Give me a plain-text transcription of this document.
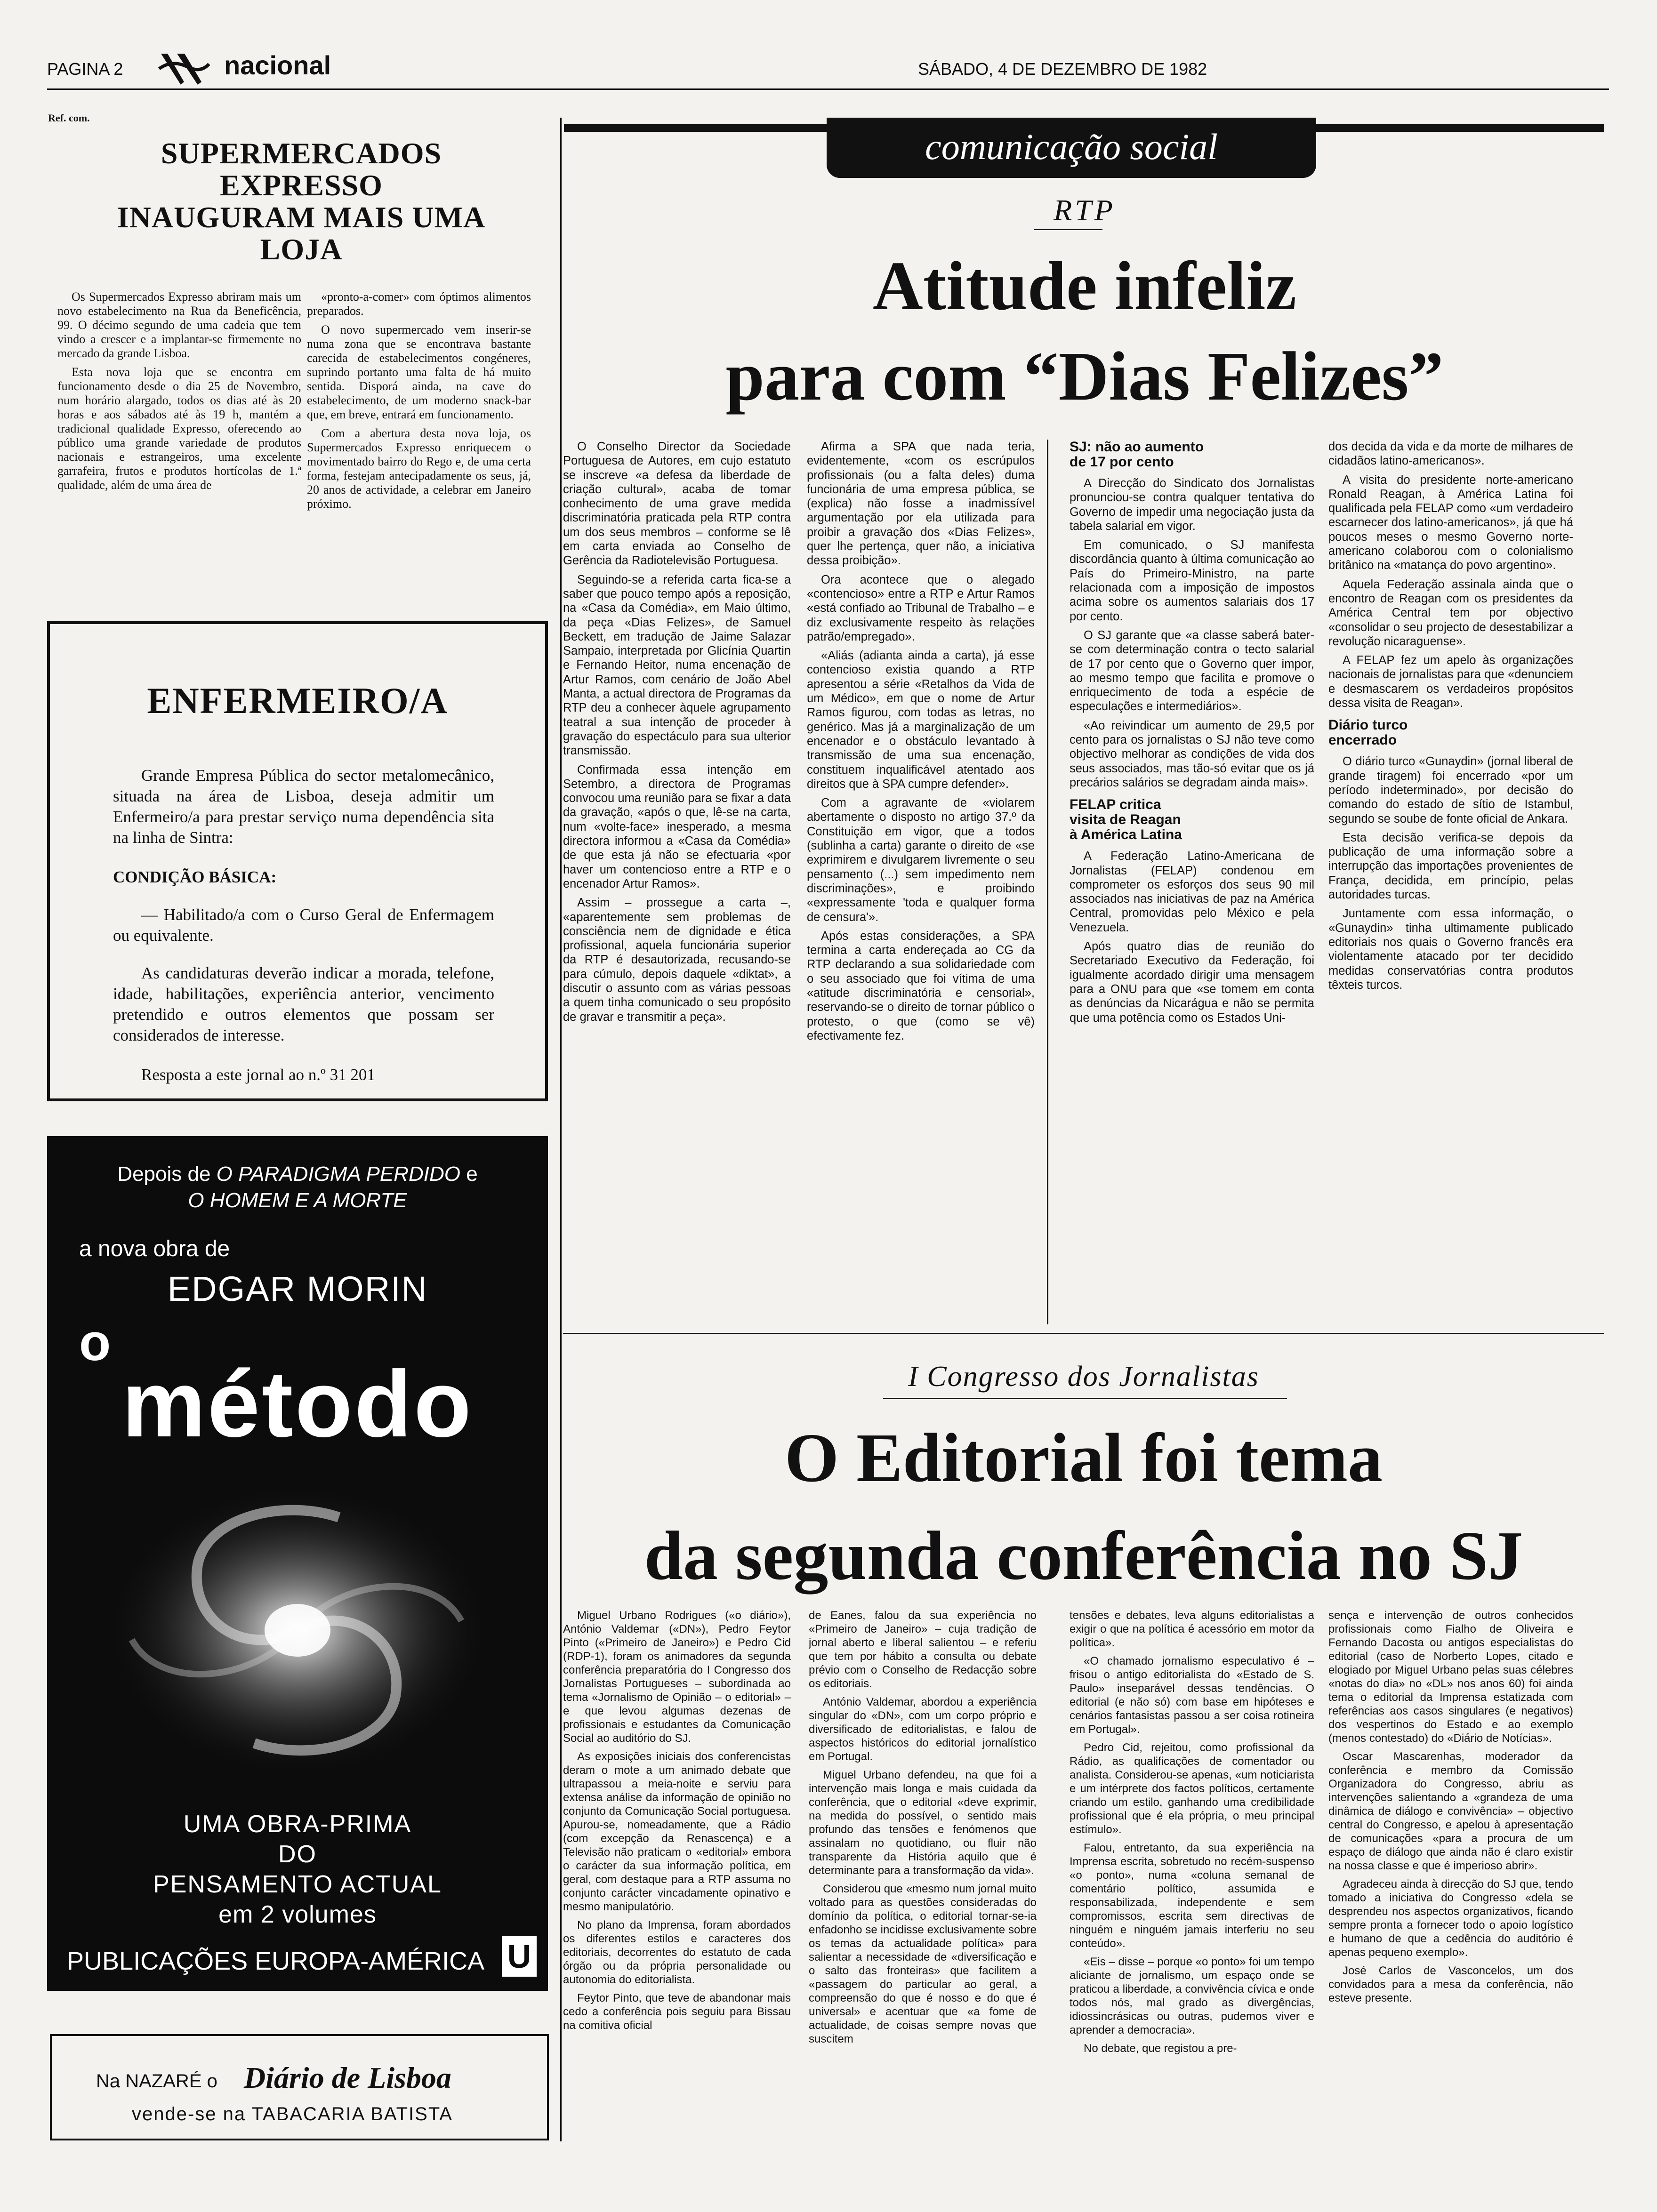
PAGINA 2	nacional	SÁBADO, 4 DE DEZEMBRO DE 1982
Ref. com.
SUPERMERCADOS
EXPRESSO
INAUGURAM MAIS UMA
LOJA

Os Supermercados Expresso abriram mais um novo estabelecimento na Rua da Beneficência, 99. O décimo segundo de uma cadeia que tem vindo a crescer e a implantar-se firmemente no mercado da grande Lisboa.

Esta nova loja que se encontra em funcionamento desde o dia 25 de Novembro, num horário alargado, todos os dias até às 20 horas e aos sábados até às 19 h, mantém a tradicional qualidade Expresso, oferecendo ao público uma grande variedade de produtos nacionais e estrangeiros, uma excelente garrafeira, frutos e produtos hortícolas de 1.ª qualidade, além de uma área de

«pronto-a-comer» com óptimos alimentos preparados.

O novo supermercado vem inserir-se numa zona que se encontrava bastante carecida de estabelecimentos congéneres, suprindo portanto uma falta de há muito sentida. Disporá ainda, na cave do estabelecimento, de um moderno snack-bar que, em breve, entrará em funcionamento.

Com a abertura desta nova loja, os Supermercados Expresso enriquecem o movimentado bairro do Rego e, de uma certa forma, festejam antecipadamente os seus, já, 20 anos de actividade, a celebrar em Janeiro próximo.

ENFERMEIRO/A

Grande Empresa Pública do sector metalomecânico, situada na área de Lisboa, deseja admitir um Enfermeiro/a para prestar serviço numa dependência sita na linha de Sintra:

CONDIÇÃO BÁSICA:

— Habilitado/a com o Curso Geral de Enfermagem ou equivalente.

As candidaturas deverão indicar a morada, telefone, idade, habilitações, experiência anterior, vencimento pretendido e outros elementos que possam ser considerados de interesse.

Resposta a este jornal ao n.º 31 201

Depois de O PARADIGMA PERDIDO e
O HOMEM E A MORTE
a nova obra de
EDGAR MORIN
o
método
UMA OBRA-PRIMA
DO
PENSAMENTO ACTUAL
em 2 volumes
PUBLICAÇÕES EUROPA-AMÉRICA U
Na NAZARÉ o Diário de Lisboa
vende-se na TABACARIA BATISTA
comunicação social
RTP
Atitude infeliz
para com “Dias Felizes”

O Conselho Director da Sociedade Portuguesa de Autores, em cujo estatuto se inscreve «a defesa da liberdade de criação cultural», acaba de tomar conhecimento de uma grave medida discriminatória praticada pela RTP contra um dos seus membros – conforme se lê em carta enviada ao Conselho de Gerência da Radiotelevisão Portuguesa.

Seguindo-se a referida carta fica-se a saber que pouco tempo após a reposição, na «Casa da Comédia», em Maio último, da peça «Dias Felizes», de Samuel Beckett, em tradução de Jaime Salazar Sampaio, interpretada por Glicínia Quartin e Fernando Heitor, numa encenação de Artur Ramos, com cenário de João Abel Manta, a actual directora de Programas da RTP deu a conhecer àquele agrupamento teatral a sua intenção de proceder à gravação do espectáculo para sua ulterior transmissão.

Confirmada essa intenção em Setembro, a directora de Programas convocou uma reunião para se fixar a data da gravação, «após o que, lê-se na carta, num «volte-face» inesperado, a mesma directora informou a «Casa da Comédia» de que esta já não se efectuaria «por haver um contencioso entre a RTP e o encenador Artur Ramos».

Assim – prossegue a carta –, «aparentemente sem problemas de consciência nem de dignidade e ética profissional, aquela funcionária superior da RTP é desautorizada, recusando-se para cúmulo, depois daquele «diktat», a discutir o assunto com as várias pessoas a quem tinha comunicado o seu propósito de gravar e transmitir a peça».

Afirma a SPA que nada teria, evidentemente, «com os escrúpulos profissionais (ou a falta deles) duma funcionária de uma empresa pública, se (explica) não fosse a inadmissível argumentação por ela utilizada para proibir a gravação dos «Dias Felizes», quer lhe pertença, quer não, a iniciativa dessa proibição».

Ora acontece que o alegado «contencioso» entre a RTP e Artur Ramos «está confiado ao Tribunal de Trabalho – e diz exclusivamente respeito às relações patrão/empregado».

«Aliás (adianta ainda a carta), já esse contencioso existia quando a RTP apresentou a série «Retalhos da Vida de um Médico», em que o nome de Artur Ramos figurou, com todas as letras, no genérico. Mas já a marginalização de um encenador e o obstáculo levantado à transmissão de uma sua encenação, constituem inqualificável atentado aos direitos que à SPA cumpre defender».

Com a agravante de «violarem abertamente o disposto no artigo 37.º da Constituição em vigor, que a todos (sublinha a carta) garante o direito de «se exprimirem e divulgarem livremente o seu pensamento (...) sem impedimento nem discriminações», e proibindo «expressamente 'toda e qualquer forma de censura'».

Após estas considerações, a SPA termina a carta endereçada ao CG da RTP declarando a sua solidariedade com o seu associado que foi vítima de uma «atitude discriminatória e censorial», reservando-se o direito de tornar público o protesto, o que (como se vê) efectivamente fez.

SJ: não ao aumento
de 17 por cento

A Direcção do Sindicato dos Jornalistas pronunciou-se contra qualquer tentativa do Governo de impedir uma negociação justa da tabela salarial em vigor.

Em comunicado, o SJ manifesta discordância quanto à última comunicação ao País do Primeiro-Ministro, na parte relacionada com a imposição de impostos acima sobre os aumentos salariais dos 17 por cento.

O SJ garante que «a classe saberá bater-se com determinação contra o tecto salarial de 17 por cento que o Governo quer impor, ao mesmo tempo que facilita e promove o enriquecimento de toda a espécie de especulações e intermediários».

«Ao reivindicar um aumento de 29,5 por cento para os jornalistas o SJ não teve como objectivo melhorar as condições de vida dos seus associados, mas tão-só evitar que os já precários salários se degradam ainda mais».

FELAP critica
visita de Reagan
à América Latina

A Federação Latino-Americana de Jornalistas (FELAP) condenou em comprometer os esforços dos seus 90 mil associados nas iniciativas de paz na América Central, promovidas pelo México e pela Venezuela.

Após quatro dias de reunião do Secretariado Executivo da Federação, foi igualmente acordado dirigir uma mensagem para a ONU para que «se tomem em conta as denúncias da Nicarágua e não se permita que uma potência como os Estados Uni-

dos decida da vida e da morte de milhares de cidadãos latino-americanos».

A visita do presidente norte-americano Ronald Reagan, à América Latina foi qualificada pela FELAP como «um verdadeiro escarnecer dos latino-americanos», já que há poucos meses o mesmo Governo norte-americano colaborou com o colonialismo britânico na «matança do povo argentino».

Aquela Federação assinala ainda que o encontro de Reagan com os presidentes da América Central tem por objectivo «consolidar o seu projecto de desestabilizar a revolução nicaraguense».

A FELAP fez um apelo às organizações nacionais de jornalistas para que «denunciem e desmascarem os verdadeiros propósitos dessa visita de Reagan».

Diário turco
encerrado

O diário turco «Gunaydin» (jornal liberal de grande tiragem) foi encerrado «por um período indeterminado», por decisão do comando do estado de sítio de Istambul, segundo se soube de fonte oficial de Ankara.

Esta decisão verifica-se depois da publicação de uma informação sobre a interrupção das importações provenientes de França, decidida, em princípio, pelas autoridades turcas.

Juntamente com essa informação, o «Gunaydin» tinha ultimamente publicado editoriais nos quais o Governo francês era violentamente atacado por ter decidido medidas conservatórias contra produtos têxteis turcos.

I Congresso dos Jornalistas
O Editorial foi tema
da segunda conferência no SJ

Miguel Urbano Rodrigues («o diário»), António Valdemar («DN»), Pedro Feytor Pinto («Primeiro de Janeiro») e Pedro Cid (RDP-1), foram os animadores da segunda conferência preparatória do I Congresso dos Jornalistas Portugueses – subordinada ao tema «Jornalismo de Opinião – o editorial» – e que levou algumas dezenas de profissionais e estudantes da Comunicação Social ao auditório do SJ.

As exposições iniciais dos conferencistas deram o mote a um animado debate que ultrapassou a meia-noite e serviu para extensa análise da informação de opinião no conjunto da Comunicação Social portuguesa. Apurou-se, nomeadamente, que a Rádio (com excepção da Renascença) e a Televisão não praticam o «editorial» embora o carácter da sua informação política, em geral, com destaque para a RTP assuma no conjunto carácter vincadamente opinativo e mesmo manipulatório.

No plano da Imprensa, foram abordados os diferentes estilos e caracteres dos editoriais, decorrentes do estatuto de cada órgão ou da própria personalidade ou autonomia do editorialista.

Feytor Pinto, que teve de abandonar mais cedo a conferência pois seguiu para Bissau na comitiva oficial

de Eanes, falou da sua experiência no «Primeiro de Janeiro» – cuja tradição de jornal aberto e liberal salientou – e referiu que tem por hábito a consulta ou debate prévio com o Conselho de Redacção sobre os editoriais.

António Valdemar, abordou a experiência singular do «DN», com um corpo próprio e diversificado de editorialistas, e falou de aspectos históricos do editorial jornalístico em Portugal.

Miguel Urbano defendeu, na que foi a intervenção mais longa e mais cuidada da conferência, que o editorial «deve exprimir, na medida do possível, o sentido mais profundo das tensões e fenómenos que assinalam no quotidiano, ou fluir não transparente da História aquilo que é determinante para a transformação da vida».

Considerou que «mesmo num jornal muito voltado para as questões consideradas do domínio da política, o editorial tornar-se-ia enfadonho se incidisse exclusivamente sobre os temas da actualidade política» para salientar a necessidade de «diversificação e o salto das fronteiras» que facilitem a «passagem do particular ao geral, a compreensão do que é nosso e do que é universal» e acentuar que «a fome de actualidade, de coisas sempre novas que suscitem

tensões e debates, leva alguns editorialistas a exigir o que na política é acessório em motor da política».

«O chamado jornalismo especulativo é – frisou o antigo editorialista do «Estado de S. Paulo» inseparável dessas tendências. O editorial (e não só) com base em hipóteses e cenários fantasistas passou a ser coisa rotineira em Portugal».

Pedro Cid, rejeitou, como profissional da Rádio, as qualificações de comentador ou analista. Considerou-se apenas, «um noticiarista e um intérprete dos factos políticos, certamente criando um estilo, ganhando uma credibilidade profissional que é ela própria, o meu principal estímulo».

Falou, entretanto, da sua experiência na Imprensa escrita, sobretudo no recém-suspenso «o ponto», numa «coluna semanal de comentário político, assumida e responsabilizada, independente e sem compromissos, escrita sem directivas de ninguém e ninguém jamais interferiu no seu conteúdo».

«Eis – disse – porque «o ponto» foi um tempo aliciante de jornalismo, um espaço onde se praticou a liberdade, a convivência cívica e onde todos nós, mal grado as divergências, idiossincrásicas ou outras, pudemos viver e aprender a democracia».

No debate, que registou a pre-

sença e intervenção de outros conhecidos profissionais como Fialho de Oliveira e Fernando Dacosta ou antigos especialistas do editorial (caso de Norberto Lopes, citado e elogiado por Miguel Urbano pelas suas célebres «notas do dia» no «DL» nos anos 60) foi ainda tema o editorial da Imprensa estatizada com referências aos casos singulares (e negativos) dos vespertinos do Estado e ao exemplo (menos contestado) do «Diário de Notícias».

Oscar Mascarenhas, moderador da conferência e membro da Comissão Organizadora do Congresso, abriu as intervenções salientando a «grandeza de uma dinâmica de diálogo e convivência» – objectivo central do Congresso, e apelou à apresentação de comunicações «para a procura de um espaço de diálogo que ainda não é claro existir na nossa classe e que é imperioso abrir».

Agradeceu ainda à direcção do SJ que, tendo tomado a iniciativa do Congresso «dela se desprendeu nos aspectos organizativos, ficando sempre pronta a fornecer todo o apoio logístico e humano de que a cedência do auditório é apenas pequeno exemplo».

José Carlos de Vasconcelos, um dos convidados para a mesa da conferência, não esteve presente.
